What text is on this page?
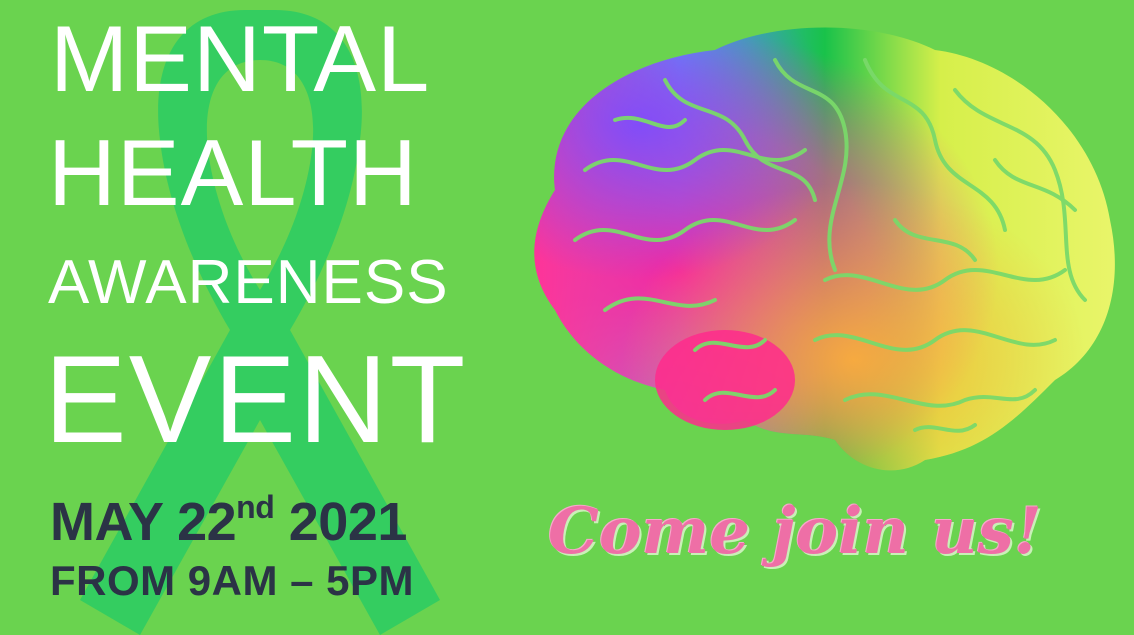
MENTAL
HEALTH
AWARENESS
EVENT
MAY 22nd 2021
FROM 9AM – 5PM
Come join us!
